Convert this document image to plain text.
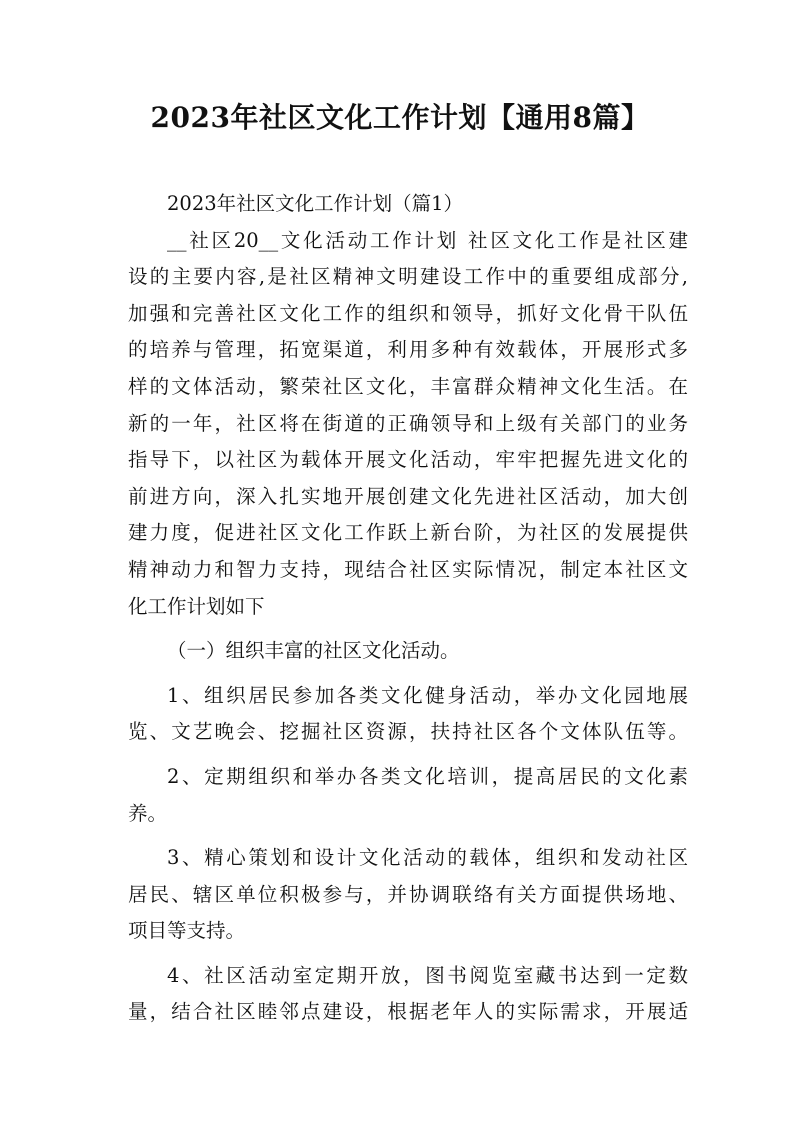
2023年社区文化工作计划【通用8篇】
2023年社区文化工作计划（篇1）
__社区20__文化活动工作计划 社区文化工作是社区建
设的主要内容,是社区精神文明建设工作中的重要组成部分,
加强和完善社区文化工作的组织和领导，抓好文化骨干队伍
的培养与管理，拓宽渠道，利用多种有效载体，开展形式多
样的文体活动，繁荣社区文化，丰富群众精神文化生活。在
新的一年，社区将在街道的正确领导和上级有关部门的业务
指导下，以社区为载体开展文化活动，牢牢把握先进文化的
前进方向，深入扎实地开展创建文化先进社区活动，加大创
建力度，促进社区文化工作跃上新台阶，为社区的发展提供
精神动力和智力支持，现结合社区实际情况，制定本社区文
化工作计划如下
（一）组织丰富的社区文化活动。
1、组织居民参加各类文化健身活动，举办文化园地展
览、文艺晚会、挖掘社区资源，扶持社区各个文体队伍等。
2、定期组织和举办各类文化培训，提高居民的文化素
养。
3、精心策划和设计文化活动的载体，组织和发动社区
居民、辖区单位积极参与，并协调联络有关方面提供场地、
项目等支持。
4、社区活动室定期开放，图书阅览室藏书达到一定数
量，结合社区睦邻点建设，根据老年人的实际需求，开展适
